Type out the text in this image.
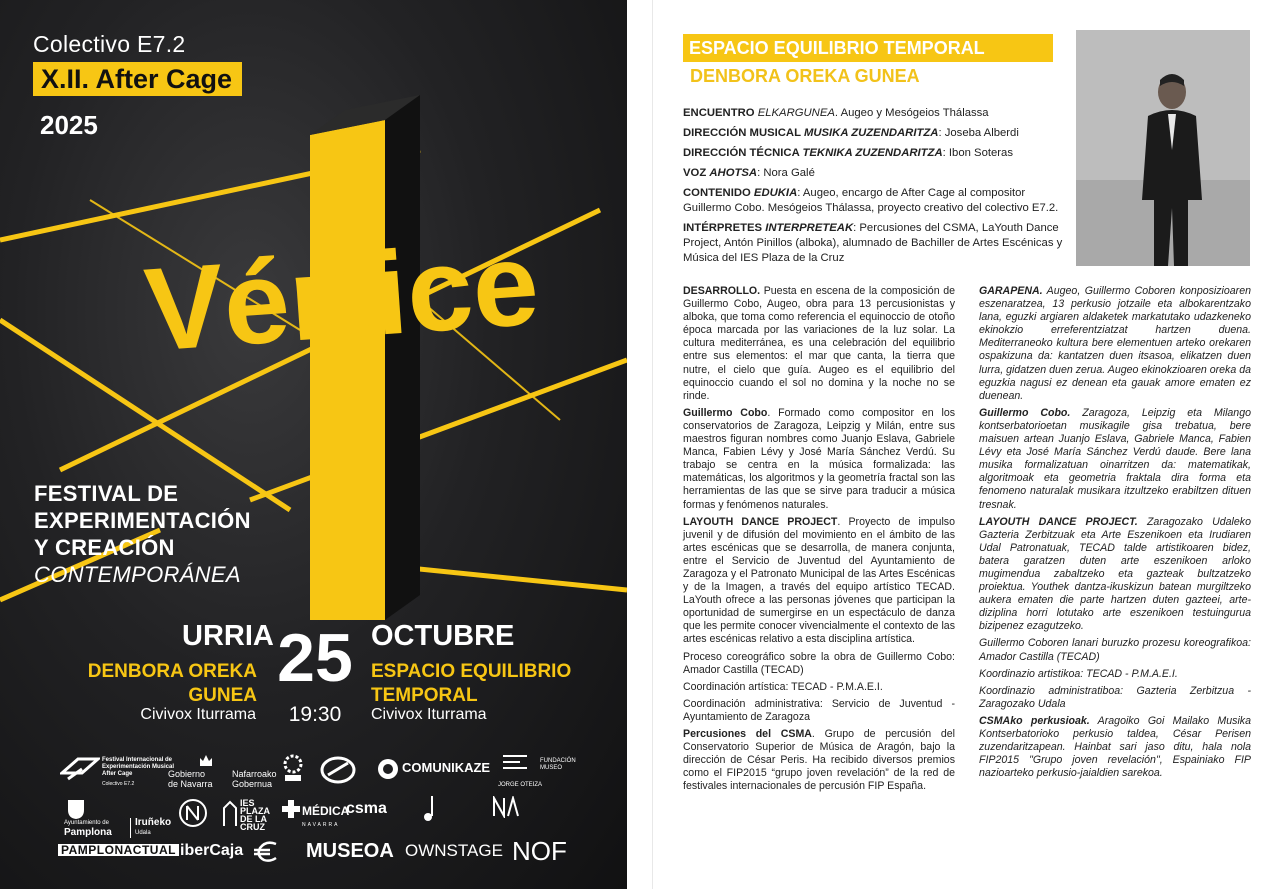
Vértice
Colectivo E7.2
X.II. After Cage
2025
FESTIVAL DE
EXPERIMENTACIÓN
Y CREACIÓN
CONTEMPORÁNEA
URRIA 25 OCTUBRE
19:30
DENBORA OREKA
GUNEA
ESPACIO EQUILIBRIO
TEMPORAL
Civivox Iturrama	Civivox Iturrama
Festival Internacional de Experimentación Musical After Cage
Colectivo E7.2
Gobierno
de Navarra
Nafarroako
Gobernua
COMUNIKAZE
JORGE OTEIZA
FUNDACIÓN
MUSEO
Ayuntamiento de
Pamplona
Iruñeko
Udala
IES
PLAZA
DE LA
CRUZ
MÉDICA
NAVARRA
csma
PAMPLONACTUAL iberCaja	MUSEOA OWNSTAGE NOF
ESPACIO EQUILIBRIO TEMPORAL
DENBORA OREKA GUNEA

ENCUENTRO ELKARGUNEA. Augeo y Mesógeios Thálassa

DIRECCIÓN MUSICAL MUSIKA ZUZENDARITZA: Joseba Alberdi

DIRECCIÓN TÉCNICA TEKNIKA ZUZENDARITZA: Ibon Soteras

VOZ AHOTSA: Nora Galé

CONTENIDO EDUKIA: Augeo, encargo de After Cage al compositor Guillermo Cobo. Mesógeios Thálassa, proyecto creativo del colectivo E7.2.

INTÉRPRETES INTERPRETEAK: Percusiones del CSMA, LaYouth Dance Project, Antón Pinillos (alboka), alumnado de Bachiller de Artes Escénicas y Música del IES Plaza de la Cruz

DESARROLLO. Puesta en escena de la composición de Guillermo Cobo, Augeo, obra para 13 percusionistas y alboka, que toma como referencia el equinoccio de otoño época marcada por las variaciones de la luz solar. La cultura mediterránea, es una celebración del equilibrio entre sus elementos: el mar que canta, la tierra que nutre, el cielo que guía. Augeo es el equilibrio del equinoccio cuando el sol no domina y la noche no se rinde.

Guillermo Cobo. Formado como compositor en los conservatorios de Zaragoza, Leipzig y Milán, entre sus maestros figuran nombres como Juanjo Eslava, Gabriele Manca, Fabien Lévy y José María Sánchez Verdú. Su trabajo se centra en la música formalizada: las matemáticas, los algoritmos y la geometría fractal son las herramientas de las que se sirve para traducir a música formas y fenómenos naturales.

LAYOUTH DANCE PROJECT. Proyecto de impulso juvenil y de difusión del movimiento en el ámbito de las artes escénicas que se desarrolla, de manera conjunta, entre el Servicio de Juventud del Ayuntamiento de Zaragoza y el Patronato Municipal de las Artes Escénicas y de la Imagen, a través del equipo artístico TECAD. LaYouth ofrece a las personas jóvenes que participan la oportunidad de sumergirse en un espectáculo de danza que les permite conocer vivencialmente el contexto de las artes escénicas relativo a esta disciplina artística.

Proceso coreográfico sobre la obra de Guillermo Cobo: Amador Castilla (TECAD)

Coordinación artística: TECAD - P.M.A.E.I.

Coordinación administrativa: Servicio de Juventud - Ayuntamiento de Zaragoza

Percusiones del CSMA. Grupo de percusión del Conservatorio Superior de Música de Aragón, bajo la dirección de César Peris. Ha recibido diversos premios como el FIP2015 “grupo joven revelación” de la red de festivales internacionales de percusión FIP España.

GARAPENA. Augeo, Guillermo Coboren konposizioaren eszenaratzea, 13 perkusio jotzaile eta albokarentzako lana, eguzki argiaren aldaketek markatutako udazkeneko ekinokzio erreferentziatzat hartzen duena. Mediterraneoko kultura bere elementuen arteko orekaren ospakizuna da: kantatzen duen itsasoa, elikatzen duen lurra, gidatzen duen zerua. Augeo ekinokzioaren oreka da eguzkia nagusi ez denean eta gauak amore ematen ez duenean.

Guillermo Cobo. Zaragoza, Leipzig eta Milango kontserbatorioetan musikagile gisa trebatua, bere maisuen artean Juanjo Eslava, Gabriele Manca, Fabien Lévy eta José María Sánchez Verdú daude. Bere lana musika formalizatuan oinarritzen da: matematikak, algoritmoak eta geometria fraktala dira forma eta fenomeno naturalak musikara itzultzeko erabiltzen dituen tresnak.

LAYOUTH DANCE PROJECT. Zaragozako Udaleko Gazteria Zerbitzuak eta Arte Eszenikoen eta Irudiaren Udal Patronatuak, TECAD talde artistikoaren bidez, batera garatzen duten arte eszenikoen arloko mugimendua zabaltzeko eta gazteak bultzatzeko proiektua. Youthek dantza-ikuskizun batean murgiltzeko aukera ematen die parte hartzen duten gazteei, arte-diziplina horri lotutako arte eszenikoen testuinguruа bizipenez ezagutzeko.

Guillermo Coboren lanari buruzko prozesu koreografikoa: Amador Castilla (TECAD)

Koordinazio artistikoa: TECAD - P.M.A.E.I.

Koordinazio administratiboa: Gazteria Zerbitzua - Zaragozako Udala

CSMAko perkusioak. Aragoiko Goi Mailako Musika Kontserbatorioko perkusio taldea, César Perisen zuzendaritzapean. Hainbat sari jaso ditu, hala nola FIP2015 "Grupo joven revelación", Espainiako FIP nazioarteko perkusio-jaialdien sarekoa.
